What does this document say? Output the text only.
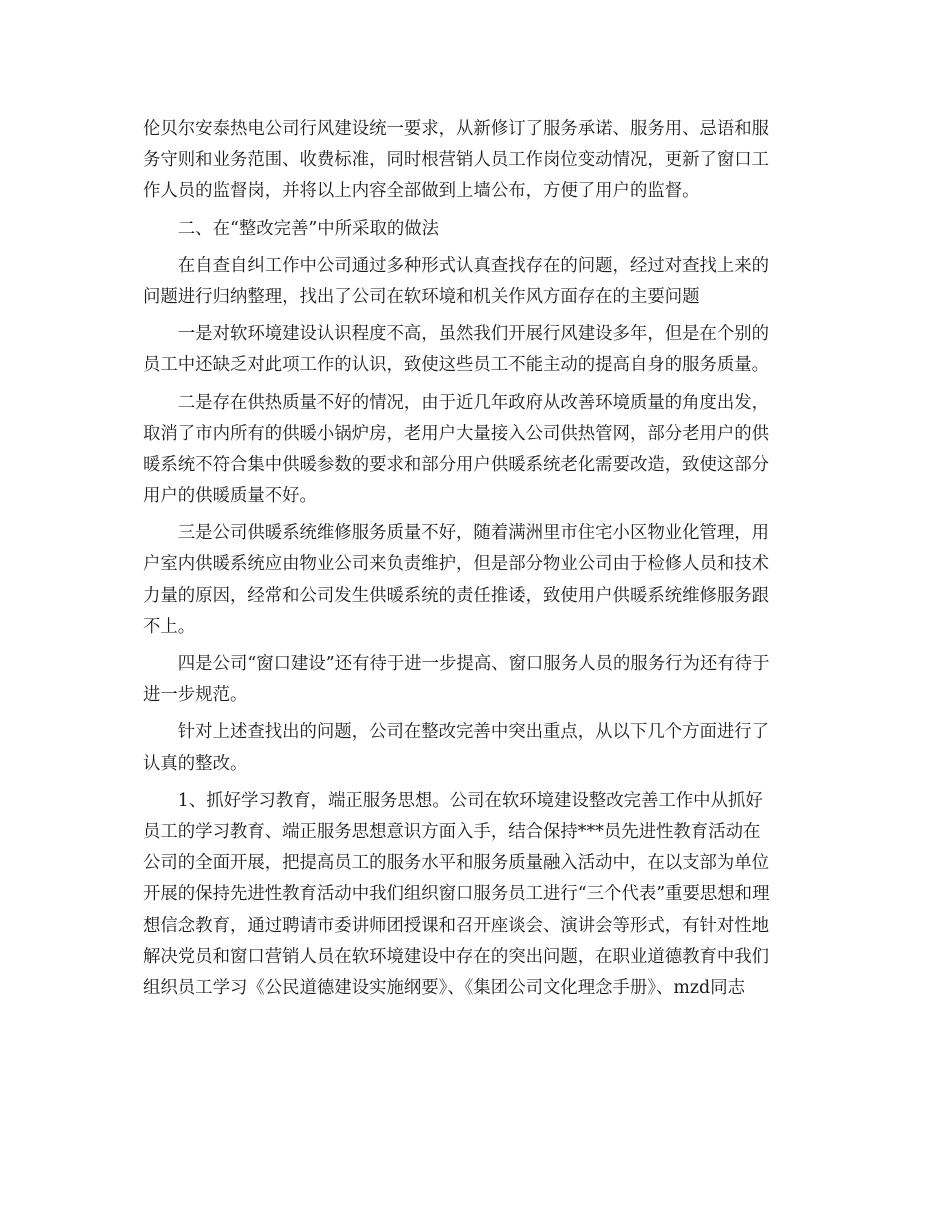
伦贝尔安泰热电公司行风建设统一要求，从新修订了服务承诺、服务用、忌语和服
务守则和业务范围、收费标准，同时根营销人员工作岗位变动情况，更新了窗口工
作人员的监督岗，并将以上内容全部做到上墙公布，方便了用户的监督。
　　二、在“整改完善”中所采取的做法
　　在自查自纠工作中公司通过多种形式认真查找存在的问题，经过对查找上来的
问题进行归纳整理，找出了公司在软环境和机关作风方面存在的主要问题
　　一是对软环境建设认识程度不高，虽然我们开展行风建设多年，但是在个别的
员工中还缺乏对此项工作的认识，致使这些员工不能主动的提高自身的服务质量。
　　二是存在供热质量不好的情况，由于近几年政府从改善环境质量的角度出发，
取消了市内所有的供暖小锅炉房，老用户大量接入公司供热管网，部分老用户的供
暖系统不符合集中供暖参数的要求和部分用户供暖系统老化需要改造，致使这部分
用户的供暖质量不好。
　　三是公司供暖系统维修服务质量不好，随着满洲里市住宅小区物业化管理，用
户室内供暖系统应由物业公司来负责维护，但是部分物业公司由于检修人员和技术
力量的原因，经常和公司发生供暖系统的责任推诿，致使用户供暖系统维修服务跟
不上。
　　四是公司“窗口建设”还有待于进一步提高、窗口服务人员的服务行为还有待于
进一步规范。
　　针对上述查找出的问题，公司在整改完善中突出重点，从以下几个方面进行了
认真的整改。
　　1、抓好学习教育，端正服务思想。公司在软环境建设整改完善工作中从抓好
员工的学习教育、端正服务思想意识方面入手，结合保持***员先进性教育活动在
公司的全面开展，把提高员工的服务水平和服务质量融入活动中，在以支部为单位
开展的保持先进性教育活动中我们组织窗口服务员工进行“三个代表”重要思想和理
想信念教育，通过聘请市委讲师团授课和召开座谈会、演讲会等形式，有针对性地
解决党员和窗口营销人员在软环境建设中存在的突出问题，在职业道德教育中我们
组织员工学习《公民道德建设实施纲要》、《集团公司文化理念手册》、mzd同志
